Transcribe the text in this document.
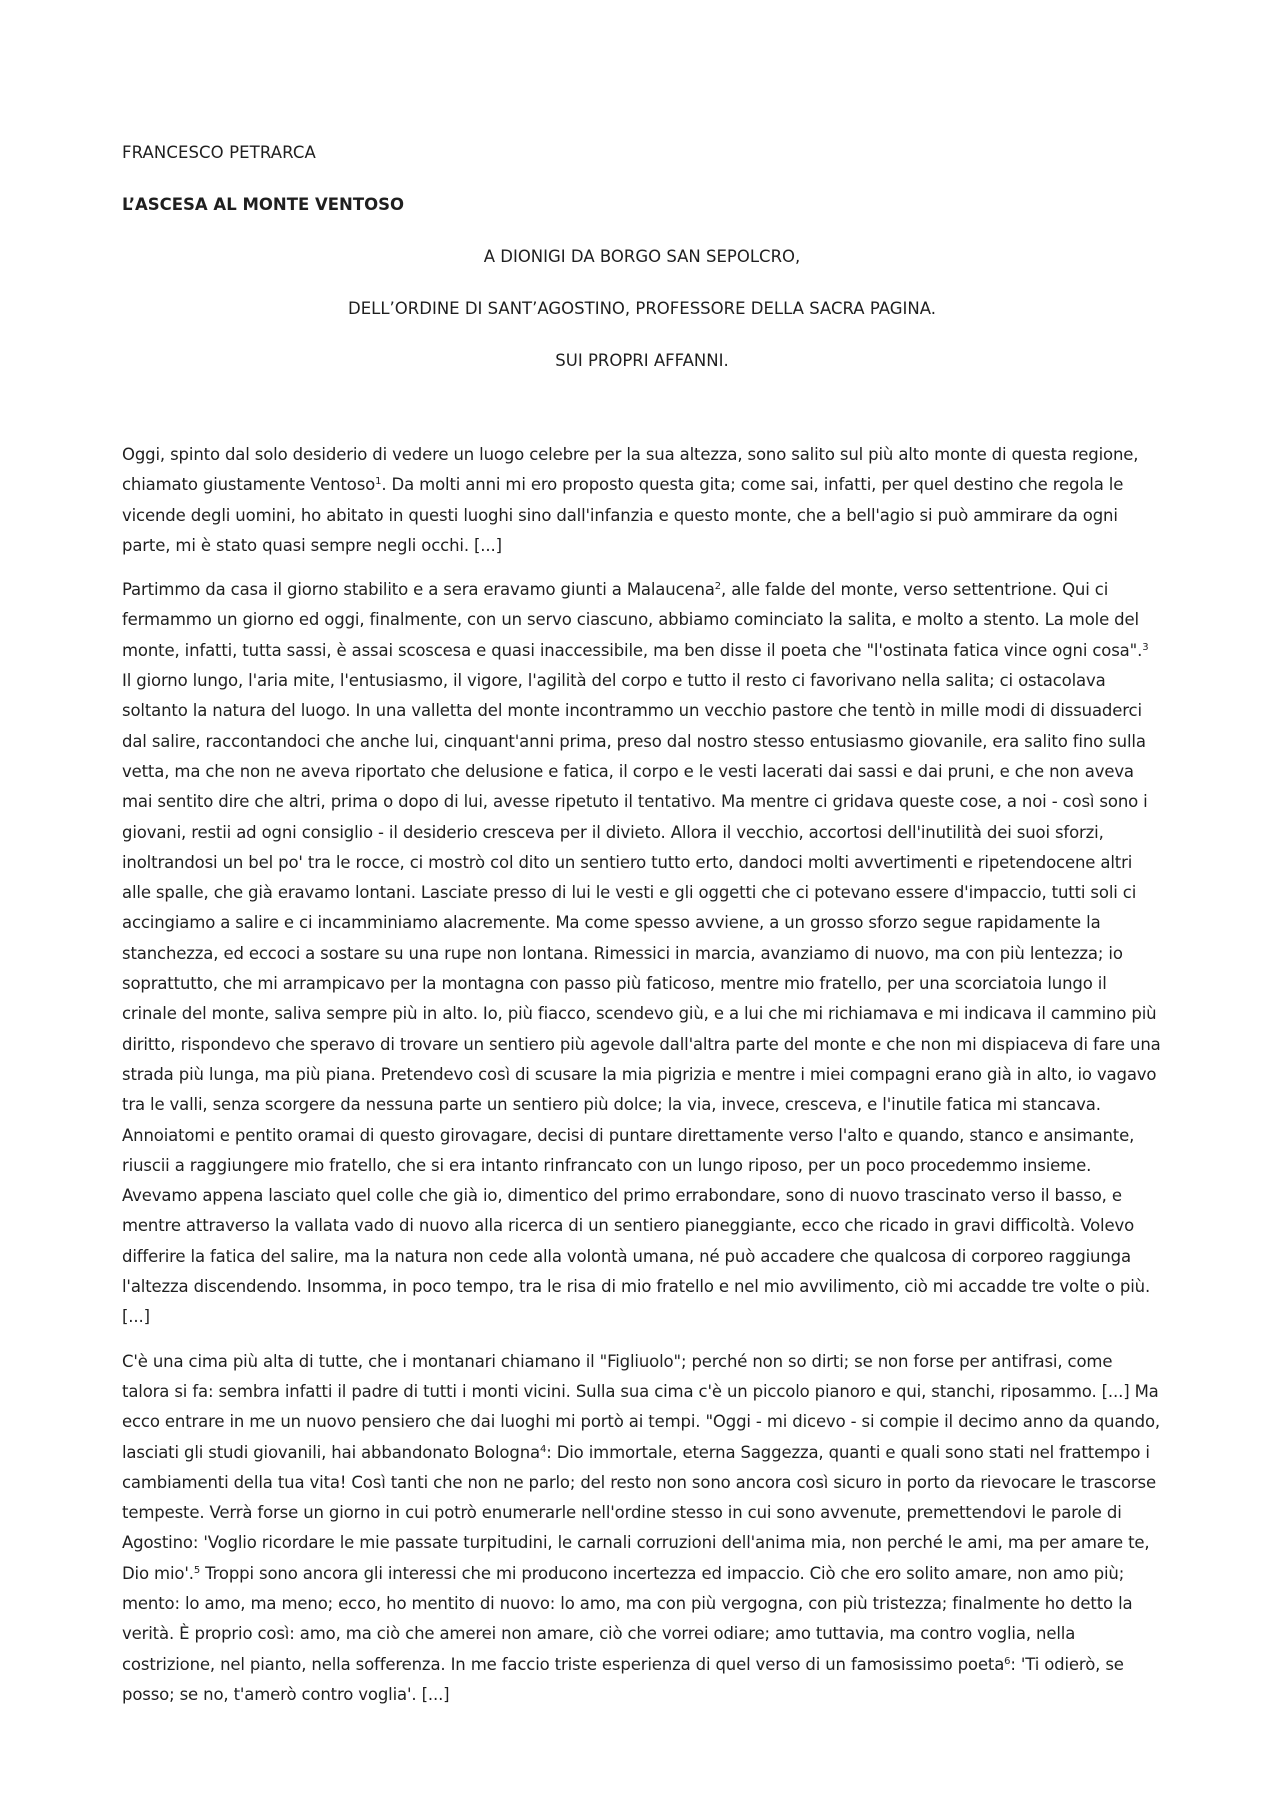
FRANCESCO PETRARCA
L’ASCESA AL MONTE VENTOSO

A DIONIGI DA BORGO SAN SEPOLCRO,

DELL’ORDINE DI SANT’AGOSTINO, PROFESSORE DELLA SACRA PAGINA.

SUI PROPRI AFFANNI.

Oggi, spinto dal solo desiderio di vedere un luogo celebre per la sua altezza, sono salito sul più alto monte di questa regione, chiamato giustamente Ventoso$^1$. Da molti anni mi ero proposto questa gita; come sai, infatti, per quel destino che regola le vicende degli uomini, ho abitato in questi luoghi sino dall'infanzia e questo monte, che a bell'agio si può ammirare da ogni parte, mi è stato quasi sempre negli occhi. [...]

Partimmo da casa il giorno stabilito e a sera eravamo giunti a Malaucena$^2$, alle falde del monte, verso settentrione. Qui ci fermammo un giorno ed oggi, finalmente, con un servo ciascuno, abbiamo cominciato la salita, e molto a stento. La mole del monte, infatti, tutta sassi, è assai scoscesa e quasi inaccessibile, ma ben disse il poeta che "l'ostinata fatica vince ogni cosa".$^3$ Il giorno lungo, l'aria mite, l'entusiasmo, il vigore, l'agilità del corpo e tutto il resto ci favorivano nella salita; ci ostacolava soltanto la natura del luogo. In una valletta del monte incontrammo un vecchio pastore che tentò in mille modi di dissuaderci dal salire, raccontandoci che anche lui, cinquant'anni prima, preso dal nostro stesso entusiasmo giovanile, era salito fino sulla vetta, ma che non ne aveva riportato che delusione e fatica, il corpo e le vesti lacerati dai sassi e dai pruni, e che non aveva mai sentito dire che altri, prima o dopo di lui, avesse ripetuto il tentativo. Ma mentre ci gridava queste cose, a noi - così sono i giovani, restii ad ogni consiglio - il desiderio cresceva per il divieto. Allora il vecchio, accortosi dell'inutilità dei suoi sforzi, inoltrandosi un bel po' tra le rocce, ci mostrò col dito un sentiero tutto erto, dandoci molti avvertimenti e ripetendocene altri alle spalle, che già eravamo lontani. Lasciate presso di lui le vesti e gli oggetti che ci potevano essere d'impaccio, tutti soli ci accingiamo a salire e ci incamminiamo alacremente. Ma come spesso avviene, a un grosso sforzo segue rapidamente la stanchezza, ed eccoci a sostare su una rupe non lontana. Rimessici in marcia, avanziamo di nuovo, ma con più lentezza; io soprattutto, che mi arrampicavo per la montagna con passo più faticoso, mentre mio fratello, per una scorciatoia lungo il crinale del monte, saliva sempre più in alto. Io, più fiacco, scendevo giù, e a lui che mi richiamava e mi indicava il cammino più diritto, rispondevo che speravo di trovare un sentiero più agevole dall'altra parte del monte e che non mi dispiaceva di fare una strada più lunga, ma più piana. Pretendevo così di scusare la mia pigrizia e mentre i miei compagni erano già in alto, io vagavo tra le valli, senza scorgere da nessuna parte un sentiero più dolce; la via, invece, cresceva, e l'inutile fatica mi stancava. Annoiatomi e pentito oramai di questo girovagare, decisi di puntare direttamente verso l'alto e quando, stanco e ansimante, riuscii a raggiungere mio fratello, che si era intanto rinfrancato con un lungo riposo, per un poco procedemmo insieme. Avevamo appena lasciato quel colle che già io, dimentico del primo errabondare, sono di nuovo trascinato verso il basso, e mentre attraverso la vallata vado di nuovo alla ricerca di un sentiero pianeggiante, ecco che ricado in gravi difficoltà. Volevo differire la fatica del salire, ma la natura non cede alla volontà umana, né può accadere che qualcosa di corporeo raggiunga l'altezza discendendo. Insomma, in poco tempo, tra le risa di mio fratello e nel mio avvilimento, ciò mi accadde tre volte o più. [...]

C'è una cima più alta di tutte, che i montanari chiamano il "Figliuolo"; perché non so dirti; se non forse per antifrasi, come talora si fa: sembra infatti il padre di tutti i monti vicini. Sulla sua cima c'è un piccolo pianoro e qui, stanchi, riposammo. [...] Ma ecco entrare in me un nuovo pensiero che dai luoghi mi portò ai tempi. "Oggi - mi dicevo - si compie il decimo anno da quando, lasciati gli studi giovanili, hai abbandonato Bologna$^4$: Dio immortale, eterna Saggezza, quanti e quali sono stati nel frattempo i cambiamenti della tua vita! Così tanti che non ne parlo; del resto non sono ancora così sicuro in porto da rievocare le trascorse tempeste. Verrà forse un giorno in cui potrò enumerarle nell'ordine stesso in cui sono avvenute, premettendovi le parole di Agostino: 'Voglio ricordare le mie passate turpitudini, le carnali corruzioni dell'anima mia, non perché le ami, ma per amare te, Dio mio'.$^5$ Troppi sono ancora gli interessi che mi producono incertezza ed impaccio. Ciò che ero solito amare, non amo più; mento: lo amo, ma meno; ecco, ho mentito di nuovo: lo amo, ma con più vergogna, con più tristezza; finalmente ho detto la verità. È proprio così: amo, ma ciò che amerei non amare, ciò che vorrei odiare; amo tuttavia, ma contro voglia, nella costrizione, nel pianto, nella sofferenza. In me faccio triste esperienza di quel verso di un famosissimo poeta$^6$: 'Ti odierò, se posso; se no, t'amerò contro voglia'. [...]
